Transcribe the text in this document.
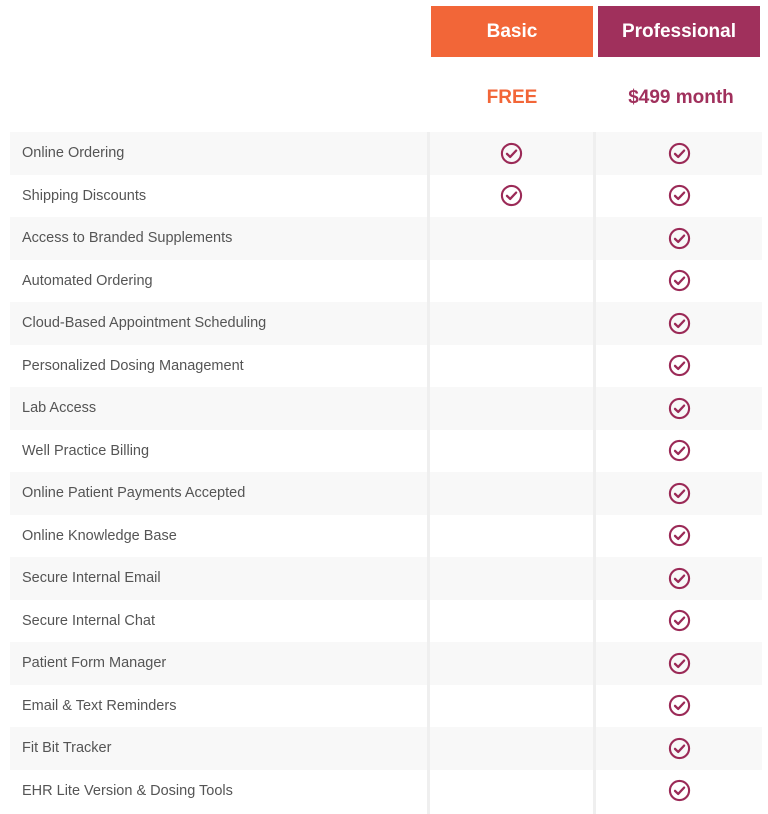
Basic	Professional
FREE	$499 month
Online Ordering
Shipping Discounts
Access to Branded Supplements
Automated Ordering
Cloud-Based Appointment Scheduling
Personalized Dosing Management
Lab Access
Well Practice Billing
Online Patient Payments Accepted
Online Knowledge Base
Secure Internal Email
Secure Internal Chat
Patient Form Manager
Email & Text Reminders
Fit Bit Tracker
EHR Lite Version & Dosing Tools
